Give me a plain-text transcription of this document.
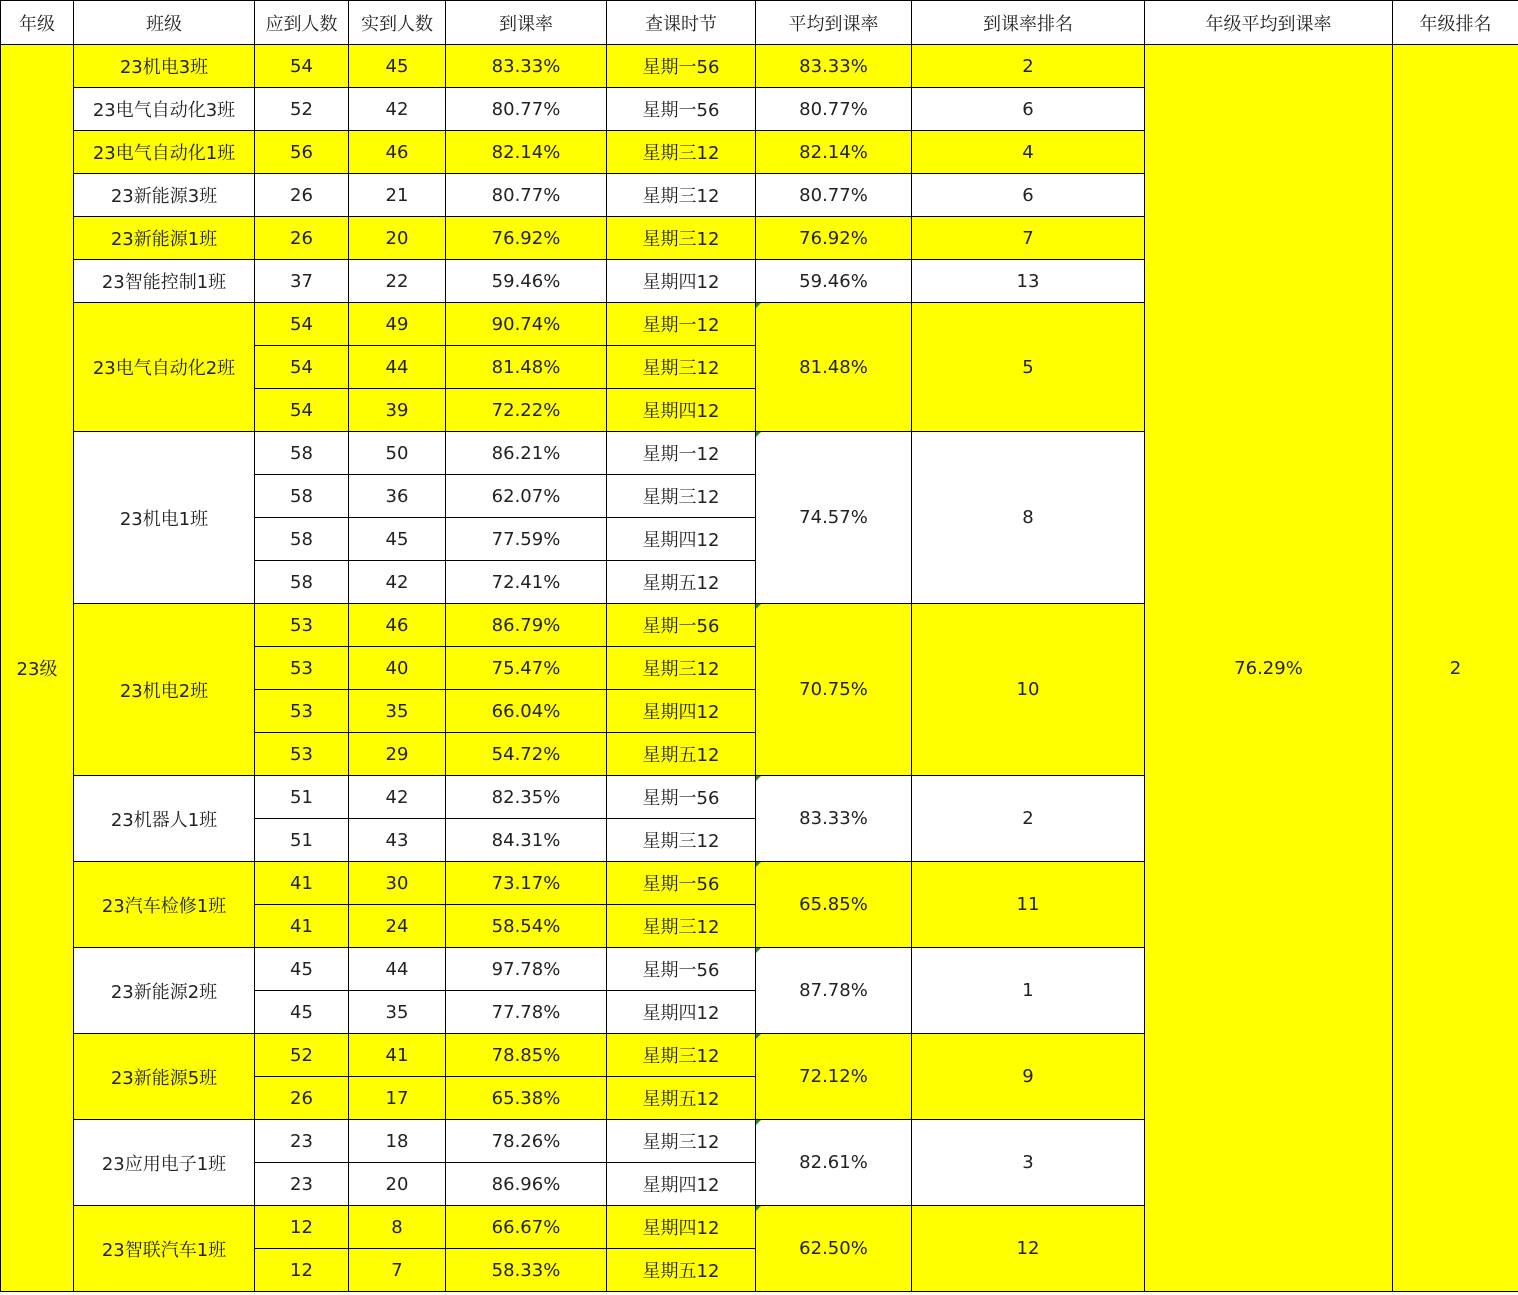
年级	班级	应到人数	实到人数	到课率	查课时节	平均到课率	到课率排名	年级平均到课率	年级排名
23级	23机电3班	54	45	83.33%	星期一56	83.33%	2	76.29%	2
	23电气自动化3班	52	42	80.77%	星期一56	80.77%	6		
	23电气自动化1班	56	46	82.14%	星期三12	82.14%	4		
	23新能源3班	26	21	80.77%	星期三12	80.77%	6		
	23新能源1班	26	20	76.92%	星期三12	76.92%	7		
	23智能控制1班	37	22	59.46%	星期四12	59.46%	13		
	23电气自动化2班	54	49	90.74%	星期一12	81.48%	5		
		54	44	81.48%	星期三12				
		54	39	72.22%	星期四12				
	23机电1班	58	50	86.21%	星期一12	74.57%	8		
		58	36	62.07%	星期三12				
		58	45	77.59%	星期四12				
		58	42	72.41%	星期五12				
	23机电2班	53	46	86.79%	星期一56	70.75%	10		
		53	40	75.47%	星期三12				
		53	35	66.04%	星期四12				
		53	29	54.72%	星期五12				
	23机器人1班	51	42	82.35%	星期一56	83.33%	2		
		51	43	84.31%	星期三12				
	23汽车检修1班	41	30	73.17%	星期一56	65.85%	11		
		41	24	58.54%	星期三12				
	23新能源2班	45	44	97.78%	星期一56	87.78%	1		
		45	35	77.78%	星期四12				
	23新能源5班	52	41	78.85%	星期三12	72.12%	9		
		26	17	65.38%	星期五12				
	23应用电子1班	23	18	78.26%	星期三12	82.61%	3		
		23	20	86.96%	星期四12				
	23智联汽车1班	12	8	66.67%	星期四12	62.50%	12		
		12	7	58.33%	星期五12				
